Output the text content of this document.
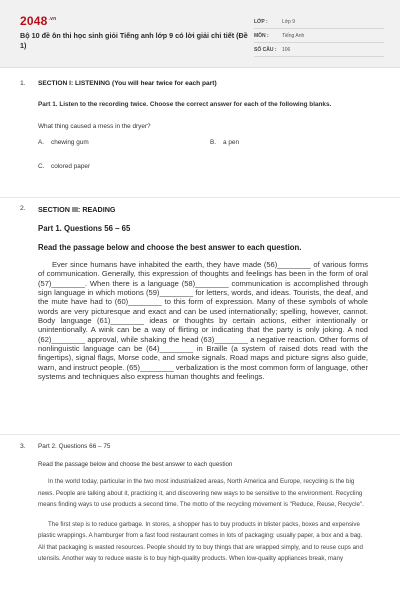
$2048^{.vn}$
Bộ 10 đề ôn thi học sinh giỏi Tiếng anh lớp 9 có lời giải chi tiết (Đề 1)
LỚP :	Lớp 9
MÔN :	Tiếng Anh
SỐ CÂU :	106
1. SECTION I: LISTENING (You will hear twice for each part)
Part 1. Listen to the recording twice. Choose the correct answer for each of the following blanks.
What thing caused a mess in the dryer?
A. chewing gum	B. a pen
C. colored paper
2. SECTION III: READING
Part 1. Questions 56 – 65
Read the passage below and choose the best answer to each question.
Ever since humans have inhabited the earth, they have made (56)________ of various forms of communication. Generally, this expression of thoughts and feelings has been in the form of oral (57)________. When there is a language (58)________ communication is accomplished through sign language in which motions (59)________ for letters, words, and ideas. Tourists, the deaf, and the mute have had to (60)________ to this form of expression. Many of these symbols of whole words are very picturesque and exact and can be used internationally; spelling, however, cannot. Body language (61)________ ideas or thoughts by certain actions, either intentionally or unintentionally. A wink can be a way of flirting or indicating that the party is only joking. A nod (62)________ approval, while shaking the head (63)________ a negative reaction. Other forms of nonlinguistic language can be (64)________ in Braille (a system of raised dots read with the fingertips), signal flags, Morse code, and smoke signals. Road maps and picture signs also guide, warn, and instruct people. (65)________ verbalization is the most common form of language, other systems and techniques also express human thoughts and feelings.
3. Part 2. Questions 66 – 75
Read the passage below and choose the best answer to each question

In the world today, particular in the two most industrialized areas, North America and Europe, recycling is the big news. People are talking about it, practicing it, and discovering new ways to be sensitive to the environment. Recycling means finding ways to use products a second time. The motto of the recycling movement is "Reduce, Reuse, Recycle".

The first step is to reduce garbage. In stores, a shopper has to buy products in blister packs, boxes and expensive plastic wrappings. A hamburger from a fast food restaurant comes in lots of packaging: usually paper, a box and a bag. All that packaging is wasted resources. People should try to buy things that are wrapped simply, and to reuse cups and utensils. Another way to reduce waste is to buy high-quality products. When low-quality appliances break, many
